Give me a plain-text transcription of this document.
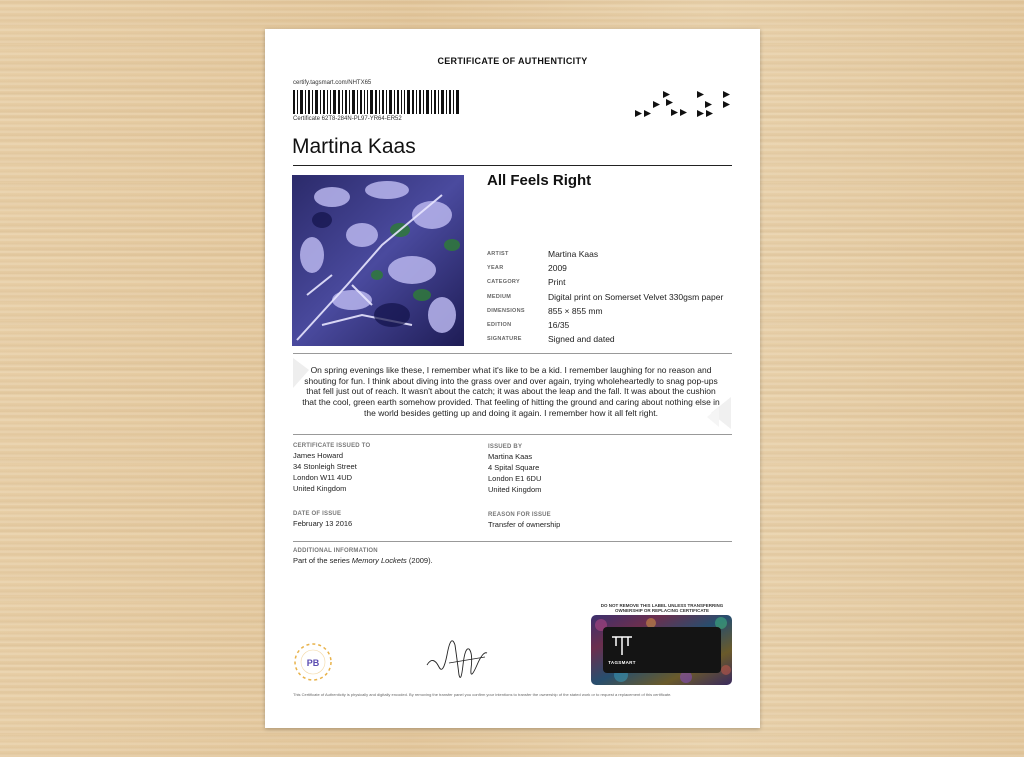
CERTIFICATE OF AUTHENTICITY
certify.tagsmart.com/NHTX65
Certificate 62T8-284N-PL97-YR64-ER52
Martina Kaas
All Feels Right
ARTIST	Martina Kaas
YEAR	2009
CATEGORY	Print
MEDIUM	Digital print on Somerset Velvet 330gsm paper
DIMENSIONS	855 × 855 mm
EDITION	16/35
SIGNATURE	Signed and dated
On spring evenings like these, I remember what it's like to be a kid. I remember laughing for no reason and shouting for fun. I think about diving into the grass over and over again, trying wholeheartedly to snag pop-ups that fell just out of reach. It wasn't about the catch; it was about the leap and the fall. It was about the cushion that the cool, green earth somehow provided. That feeling of hitting the ground and caring about nothing else in the world besides getting up and doing it again. I remember how it all felt right.
CERTIFICATE ISSUED TO
James Howard
34 Stonleigh Street
London W11 4UD
United Kingdom
ISSUED BY
Martina Kaas
4 Spital Square
London E1 6DU
United Kingdom
DATE OF ISSUE
February 13 2016
REASON FOR ISSUE
Transfer of ownership
ADDITIONAL INFORMATION
Part of the series Memory Lockets (2009).
PB
DO NOT REMOVE THIS LABEL UNLESS TRANSFERRING OWNERSHIP OR REPLACING CERTIFICATE
TAGSMART
This Certificate of Authenticity is physically and digitally encoded. By removing the transfer panel you confirm your intentions to transfer the ownership of the stated work or to request a replacement of this certificate.
